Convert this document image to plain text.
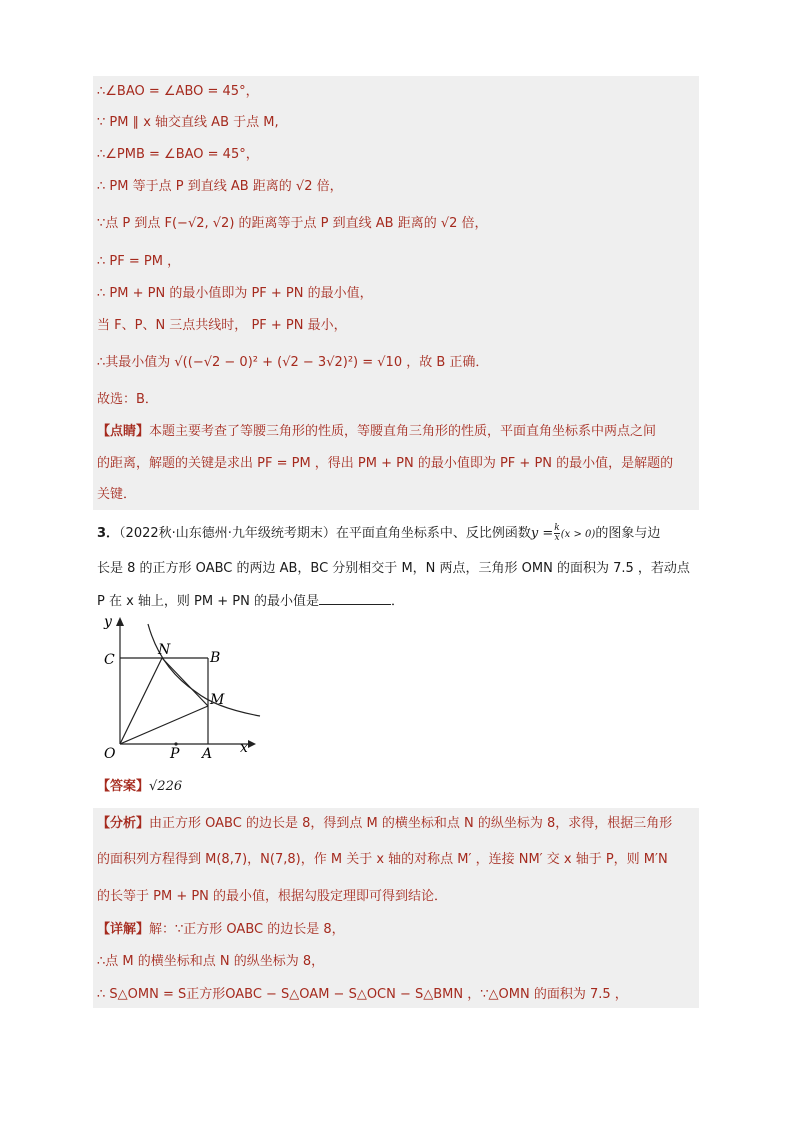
∴∠BAO = ∠ABO = 45°，
∵ PM ∥ x 轴交直线 AB 于点 M,
∴∠PMB = ∠BAO = 45°，
∴ PM 等于点 P 到直线 AB 距离的 √2 倍，
∵点 P 到点 F(−√2, √2) 的距离等于点 P 到直线 AB 距离的 √2 倍，
∴ PF = PM ，
∴ PM + PN 的最小值即为 PF + PN 的最小值，
当 F、P、N 三点共线时， PF + PN 最小，
∴其最小值为 √((−√2 − 0)² + (√2 − 3√2)²) = √10 ，故 B 正确．
故选：B．
【点睛】本题主要考查了等腰三角形的性质，等腰直角三角形的性质，平面直角坐标系中两点之间
的距离，解题的关键是求出 PF = PM ，得出 PM + PN 的最小值即为 PF + PN 的最小值，是解题的
关键．
3．（2022秋·山东德州·九年级统考期末）在平面直角坐标系中、反比例函数$y = \frac{k}{x} (x > 0)$的图象与边
长是 8 的正方形 OABC 的两边 AB，BC 分别相交于 M，N 两点，三角形 OMN 的面积为 7.5 ，若动点
P 在 x 轴上，则 PM + PN 的最小值是	．
y
x
C
N	B
M
O	P A
【答案】√226
【分析】由正方形 OABC 的边长是 8，得到点 M 的横坐标和点 N 的纵坐标为 8，求得，根据三角形
的面积列方程得到 M(8,7)，N(7,8)，作 M 关于 x 轴的对称点 M′ ，连接 NM′ 交 x 轴于 P，则 M′N
的长等于 PM + PN 的最小值，根据勾股定理即可得到结论．
【详解】解：∵正方形 OABC 的边长是 8，
∴点 M 的横坐标和点 N 的纵坐标为 8，
∴ S△OMN = S正方形OABC − S△OAM − S△OCN − S△BMN ，∵△OMN 的面积为 7.5 ，
